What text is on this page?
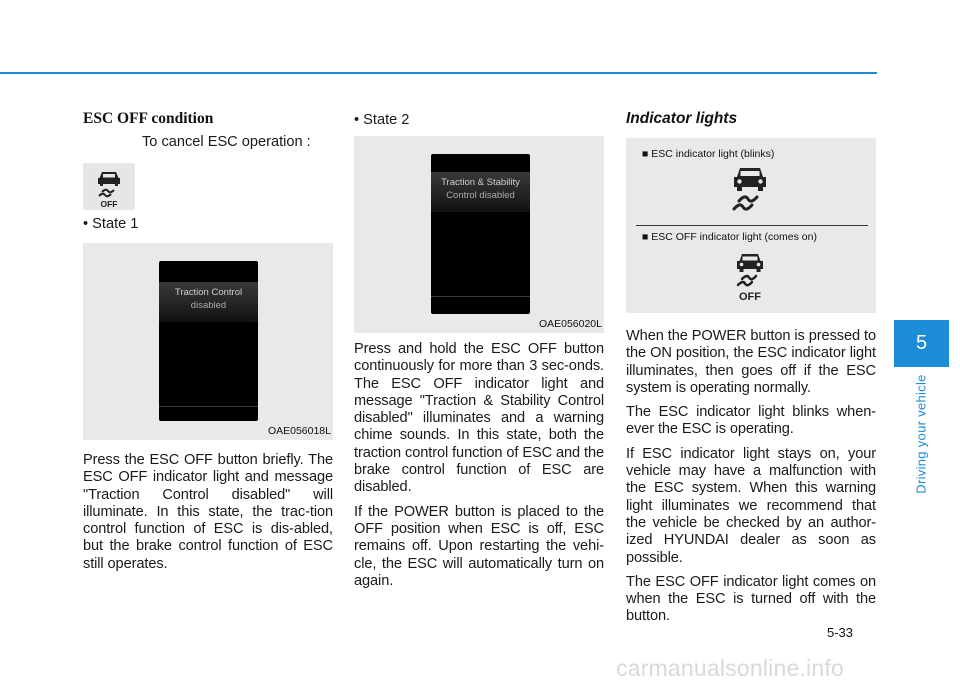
ESC OFF condition
To cancel ESC operation :
OFF
• State 1
Traction Control
disabled
OAE056018L
Press the ESC OFF button briefly. The ESC OFF indicator light and message "Traction Control disabled" will illuminate. In this state, the trac-tion control function of ESC is dis-abled, but the brake control function of ESC still operates.
• State 2
Traction & Stability
Control disabled
OAE056020L
Press and hold the ESC OFF button continuously for more than 3 sec-onds. The ESC OFF indicator light and message "Traction & Stability Control disabled" illuminates and a warning chime sounds. In this state, both the traction control function of ESC and the brake control function of ESC are disabled.
If the POWER button is placed to the OFF position when ESC is off, ESC remains off. Upon restarting the vehi-cle, the ESC will automatically turn on again.
Indicator lights
■ ESC indicator light (blinks)
■ ESC OFF indicator light (comes on)
OFF
When the POWER button is pressed to the ON position, the ESC indicator light illuminates, then goes off if the ESC system is operating normally.
The ESC indicator light blinks when-ever the ESC is operating.
If ESC indicator light stays on, your vehicle may have a malfunction with the ESC system. When this warning light illuminates we recommend that the vehicle be checked by an author-ized HYUNDAI dealer as soon as possible.
The ESC OFF indicator light comes on when the ESC is turned off with the button.
5
Driving your vehicle
5-33
carmanualsonline.info
